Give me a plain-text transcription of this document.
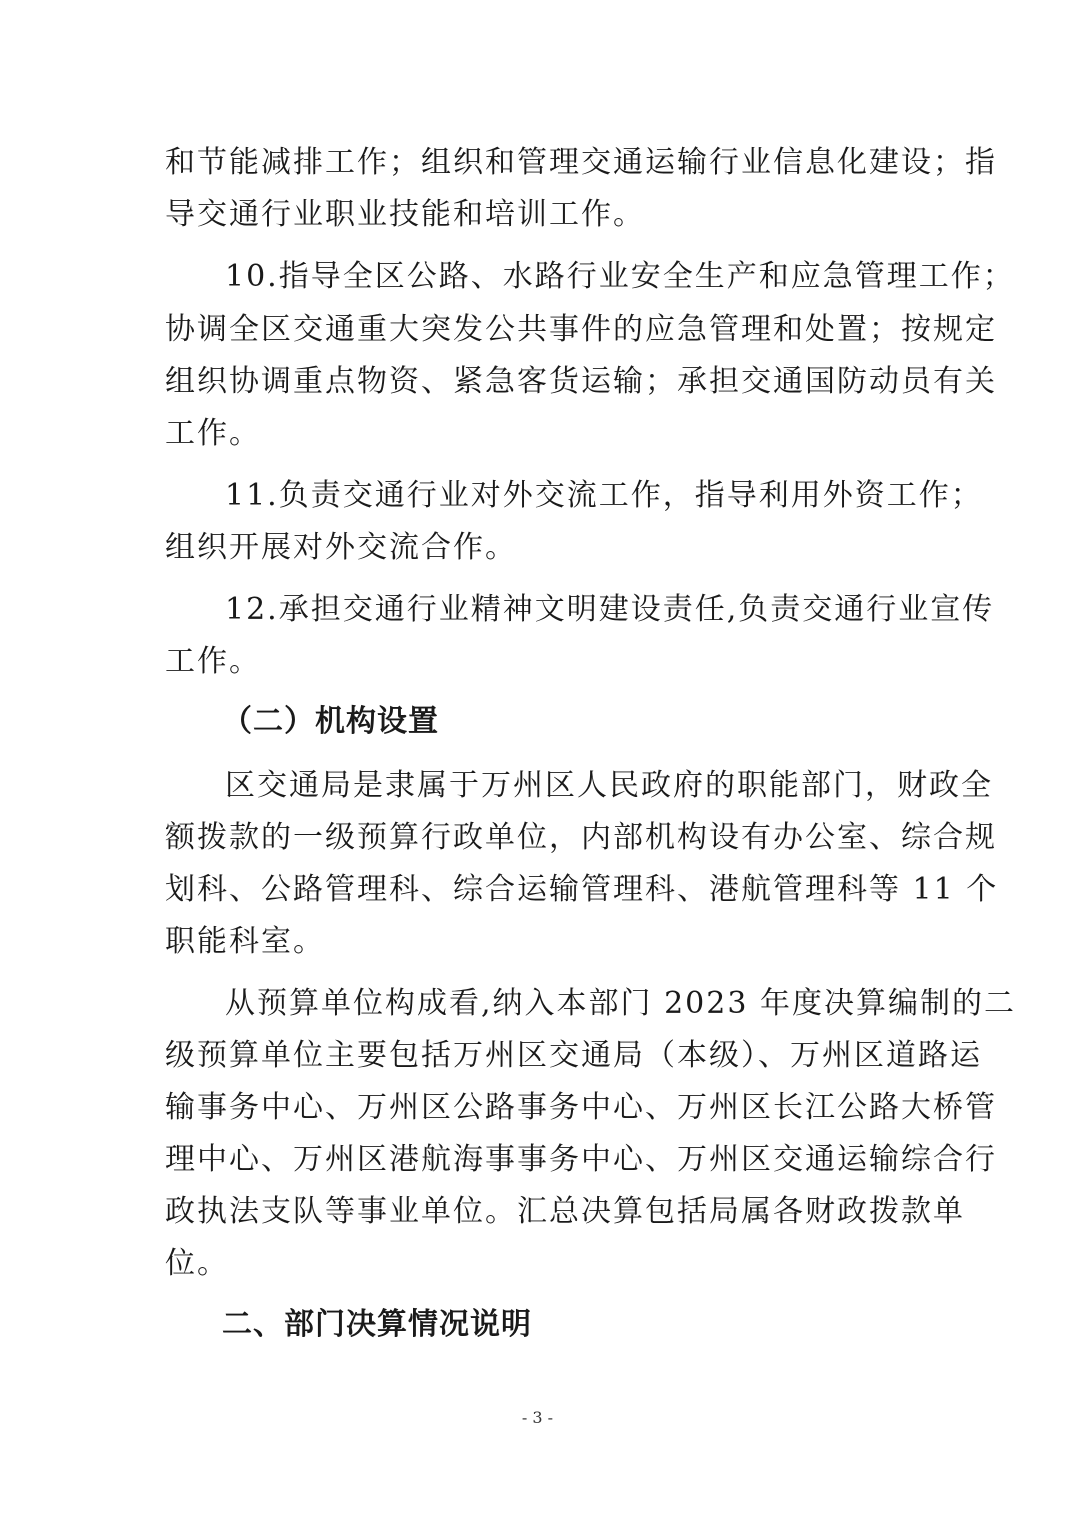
和节能减排工作；组织和管理交通运输行业信息化建设；指
导交通行业职业技能和培训工作。
10.指导全区公路、水路行业安全生产和应急管理工作；
协调全区交通重大突发公共事件的应急管理和处置；按规定
组织协调重点物资、紧急客货运输；承担交通国防动员有关
工作。
11.负责交通行业对外交流工作，指导利用外资工作；
组织开展对外交流合作。
12.承担交通行业精神文明建设责任,负责交通行业宣传
工作。
（二）机构设置
区交通局是隶属于万州区人民政府的职能部门，财政全
额拨款的一级预算行政单位，内部机构设有办公室、综合规
划科、公路管理科、综合运输管理科、港航管理科等 11 个
职能科室。
从预算单位构成看,纳入本部门 2023 年度决算编制的二
级预算单位主要包括万州区交通局（本级）、万州区道路运
输事务中心、万州区公路事务中心、万州区长江公路大桥管
理中心、万州区港航海事事务中心、万州区交通运输综合行
政执法支队等事业单位。汇总决算包括局属各财政拨款单
位。
二、部门决算情况说明
- 3 -
